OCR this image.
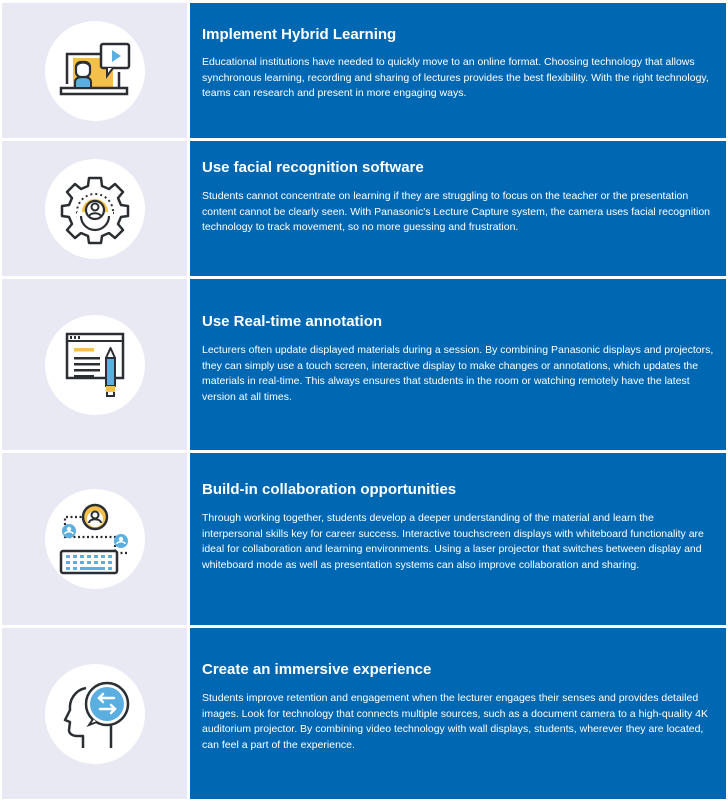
Implement Hybrid Learning

Educational institutions have needed to quickly move to an online format. Choosing technology that allows synchronous learning, recording and sharing of lectures provides the best flexibility. With the right technology, teams can research and present in more engaging ways.

Use facial recognition software

Students cannot concentrate on learning if they are struggling to focus on the teacher or the presentation content cannot be clearly seen. With Panasonic's Lecture Capture system, the camera uses facial recognition technology to track movement, so no more guessing and frustration.

Use Real-time annotation

Lecturers often update displayed materials during a session. By combining Panasonic displays and projectors, they can simply use a touch screen, interactive display to make changes or annotations, which updates the materials in real-time. This always ensures that students in the room or watching remotely have the latest version at all times.

Build-in collaboration opportunities

Through working together, students develop a deeper understanding of the material and learn the interpersonal skills key for career success. Interactive touchscreen displays with whiteboard functionality are ideal for collaboration and learning environments. Using a laser projector that switches between display and whiteboard mode as well as presentation systems can also improve collaboration and sharing.

Create an immersive experience

Students improve retention and engagement when the lecturer engages their senses and provides detailed images. Look for technology that connects multiple sources, such as a document camera to a high-quality 4K auditorium projector. By combining video technology with wall displays, students, wherever they are located, can feel a part of the experience.
